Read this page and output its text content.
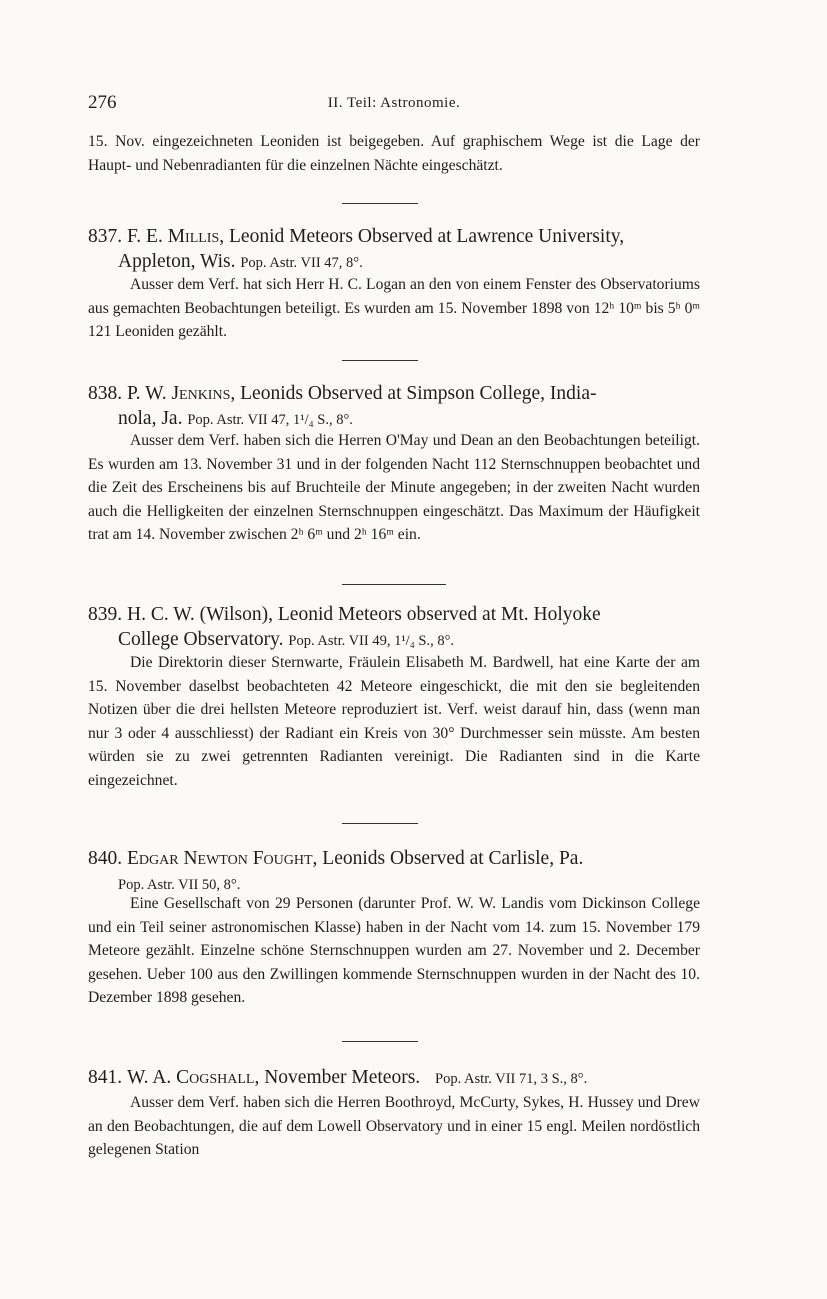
276	II. Teil: Astronomie.

15. Nov. eingezeichneten Leoniden ist beigegeben. Auf graphischem Wege ist die Lage der Haupt- und Nebenradianten für die einzelnen Nächte eingeschätzt.

837. F. E. Millis, Leonid Meteors Observed at Lawrence University,
Appleton, Wis. Pop. Astr. VII 47, 8°.

Ausser dem Verf. hat sich Herr H. C. Logan an den von einem Fenster des Observatoriums aus gemachten Beobachtungen beteiligt. Es wurden am 15. November 1898 von 12ʰ 10ᵐ bis 5ʰ 0ᵐ 121 Leoniden gezählt.

838. P. W. Jenkins, Leonids Observed at Simpson College, India-
nola, Ja. Pop. Astr. VII 47, 1¹/₄ S., 8°.

Ausser dem Verf. haben sich die Herren O'May und Dean an den Beobachtungen beteiligt. Es wurden am 13. November 31 und in der folgenden Nacht 112 Sternschnuppen beobachtet und die Zeit des Erscheinens bis auf Bruchteile der Minute angegeben; in der zweiten Nacht wurden auch die Helligkeiten der einzelnen Sternschnuppen eingeschätzt. Das Maximum der Häufigkeit trat am 14. November zwischen 2ʰ 6ᵐ und 2ʰ 16ᵐ ein.

839. H. C. W. (Wilson), Leonid Meteors observed at Mt. Holyoke
College Observatory. Pop. Astr. VII 49, 1¹/₄ S., 8°.

Die Direktorin dieser Sternwarte, Fräulein Elisabeth M. Bardwell, hat eine Karte der am 15. November daselbst beobachteten 42 Meteore eingeschickt, die mit den sie begleitenden Notizen über die drei hellsten Meteore reproduziert ist. Verf. weist darauf hin, dass (wenn man nur 3 oder 4 ausschliesst) der Radiant ein Kreis von 30° Durchmesser sein müsste. Am besten würden sie zu zwei getrennten Radianten vereinigt. Die Radianten sind in die Karte eingezeichnet.

840. Edgar Newton Fought, Leonids Observed at Carlisle, Pa.
Pop. Astr. VII 50, 8°.

Eine Gesellschaft von 29 Personen (darunter Prof. W. W. Landis vom Dickinson College und ein Teil seiner astronomischen Klasse) haben in der Nacht vom 14. zum 15. November 179 Meteore gezählt. Einzelne schöne Sternschnuppen wurden am 27. November und 2. December gesehen. Ueber 100 aus den Zwillingen kommende Sternschnuppen wurden in der Nacht des 10. Dezember 1898 gesehen.

841. W. A. Cogshall, November Meteors. Pop. Astr. VII 71, 3 S., 8°.

Ausser dem Verf. haben sich die Herren Boothroyd, McCurty, Sykes, H. Hussey und Drew an den Beobachtungen, die auf dem Lowell Observatory und in einer 15 engl. Meilen nordöstlich gelegenen Station
